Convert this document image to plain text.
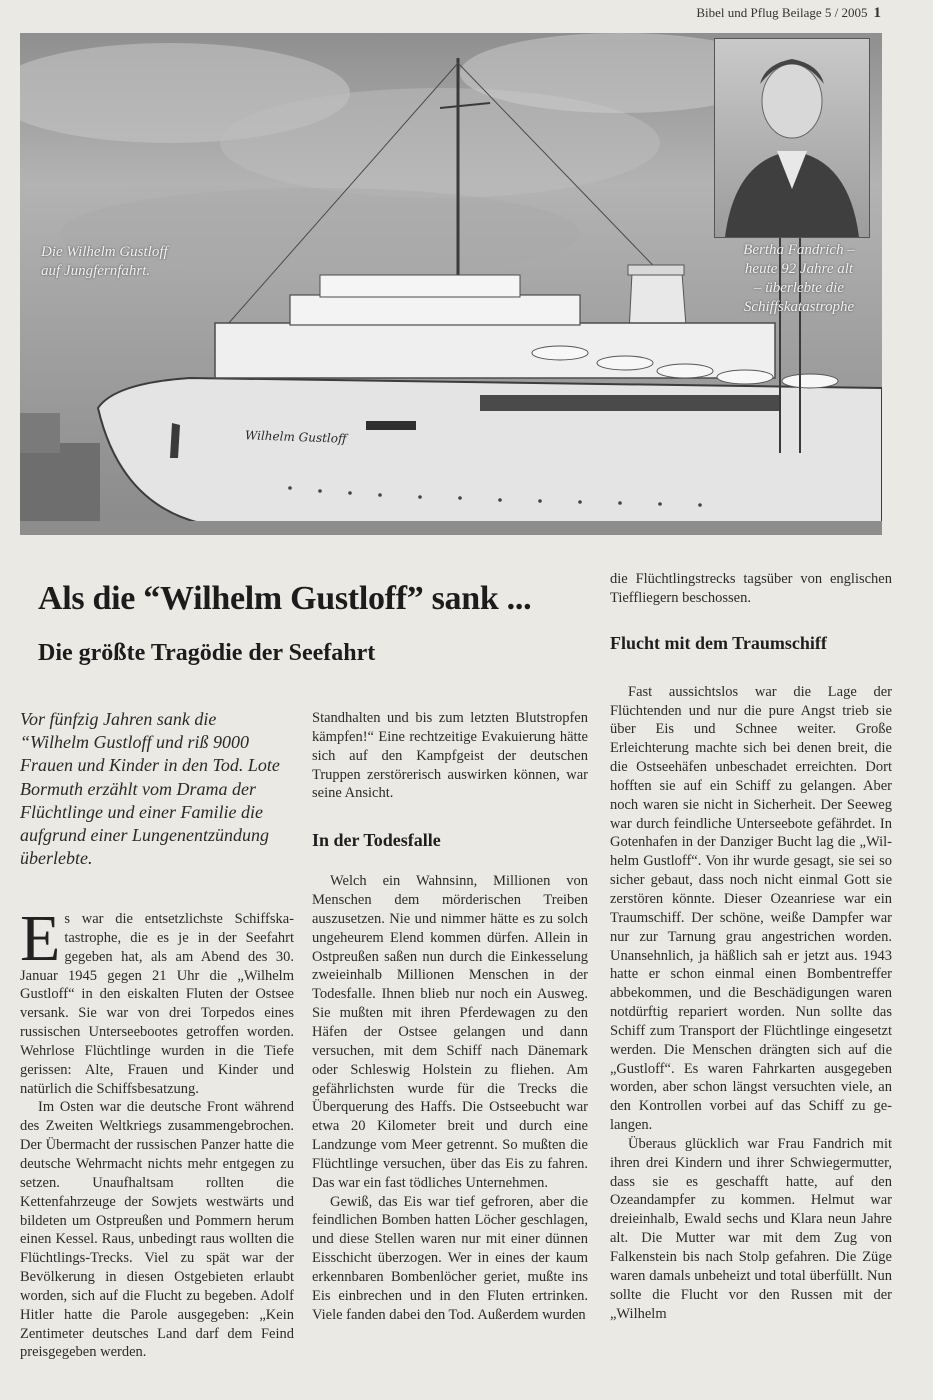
Bibel und Pflug Beilage 5 / 2005 1
Wilhelm Gustloff
Die Wilhelm Gustloff
auf Jungfernfahrt.
Bertha Fandrich –
heute 92 Jahre alt
– überlebte die
Schiffskatastrophe
Als die “Wilhelm Gustloff” sank ...
Die größte Tragödie der Seefahrt

Vor fünfzig Jahren sank die “Wilhelm Gustloff und riß 9000 Frauen und Kinder in den Tod. Lote Bormuth erzählt vom Drama der Flüchtlinge und einer Familie die aufgrund einer Lungenentzündung überlebte.

Es war die entsetzlichste Schiffskatastrophe, die es je in der Seefahrt gegeben hat, als am Abend des 30. Januar 1945 gegen 21 Uhr die „Wilhelm Gustloff“ in den eiskalten Fluten der Ostsee versank. Sie war von drei Torpedos eines russischen Unterseebootes getroffen worden. Wehrlose Flüchtlinge wurden in die Tiefe gerissen: Alte, Frauen und Kinder und natürlich die Schiffsbesatzung.

Im Osten war die deutsche Front während des Zweiten Weltkriegs zusammengebrochen. Der Übermacht der russischen Panzer hatte die deutsche Wehrmacht nichts mehr entgegen zu setzen. Unaufhaltsam rollten die Kettenfahrzeuge der Sowjets westwärts und bildeten um Ostpreußen und Pommern herum einen Kessel. Raus, unbedingt raus wollten die Flüchtlings-Trecks. Viel zu spät war der Bevölkerung in diesen Ostgebieten erlaubt worden, sich auf die Flucht zu begeben. Adolf Hitler hatte die Parole ausgegeben: „Kein Zentimeter deutsches Land darf dem Feind preisgegeben werden.

Standhalten und bis zum letzten Blutstropfen kämpfen!“ Eine rechtzeitige Evakuierung hätte sich auf den Kampfgeist der deutschen Truppen zerstörerisch auswirken können, war seine Ansicht.

In der Todesfalle

Welch ein Wahnsinn, Millionen von Menschen dem mörderischen Treiben auszusetzen. Nie und nimmer hätte es zu solch ungeheurem Elend kommen dürfen. Allein in Ostpreußen saßen nun durch die Einkesselung zweieinhalb Millionen Menschen in der Todesfalle. Ihnen blieb nur noch ein Ausweg. Sie mußten mit ihren Pferdewagen zu den Häfen der Ostsee gelangen und dann versuchen, mit dem Schiff nach Dänemark oder Schleswig Holstein zu fliehen. Am gefährlichsten wurde für die Trecks die Überquerung des Haffs. Die Ostseebucht war etwa 20 Kilometer breit und durch eine Landzunge vom Meer getrennt. So mußten die Flüchtlinge versuchen, über das Eis zu fahren. Das war ein fast tödliches Unternehmen.

Gewiß, das Eis war tief gefroren, aber die feindlichen Bomben hatten Löcher geschlagen, und diese Stellen waren nur mit einer dünnen Eisschicht überzogen. Wer in eines der kaum erkennbaren Bombenlöcher geriet, mußte ins Eis einbrechen und in den Fluten ertrinken. Viele fanden dabei den Tod. Außerdem wurden

die Flüchtlingstrecks tagsüber von englischen Tieffliegern beschossen.

Flucht mit dem Traumschiff

Fast aussichtslos war die Lage der Flüchtenden und nur die pure Angst trieb sie über Eis und Schnee weiter. Große Erleichterung machte sich bei denen breit, die die Ostseehäfen unbeschadet erreichten. Dort hofften sie auf ein Schiff zu gelangen. Aber noch waren sie nicht in Sicherheit. Der Seeweg war durch feindliche Unterseebote gefährdet. In Gotenhafen in der Danziger Bucht lag die „Wilhelm Gustloff“. Von ihr wurde gesagt, sie sei so sicher gebaut, dass noch nicht einmal Gott sie zerstören könnte. Dieser Ozeanriese war ein Traumschiff. Der schöne, weiße Dampfer war nur zur Tarnung grau angestrichen worden. Unansehnlich, ja häßlich sah er jetzt aus. 1943 hatte er schon einmal einen Bombentreffer abbekommen, und die Beschädigungen waren notdürftig repariert worden. Nun sollte das Schiff zum Transport der Flüchtlinge eingesetzt werden. Die Menschen drängten sich auf die „Gustloff“. Es waren Fahrkarten ausgegeben worden, aber schon längst versuchten viele, an den Kontrollen vorbei auf das Schiff zu gelangen.

Überaus glücklich war Frau Fandrich mit ihren drei Kindern und ihrer Schwiegermutter, dass sie es geschafft hatte, auf den Ozeandampfer zu kommen. Helmut war dreieinhalb, Ewald sechs und Klara neun Jahre alt. Die Mutter war mit dem Zug von Falkenstein bis nach Stolp gefahren. Die Züge waren damals unbeheizt und total überfüllt. Nun sollte die Flucht vor den Russen mit der „Wilhelm
